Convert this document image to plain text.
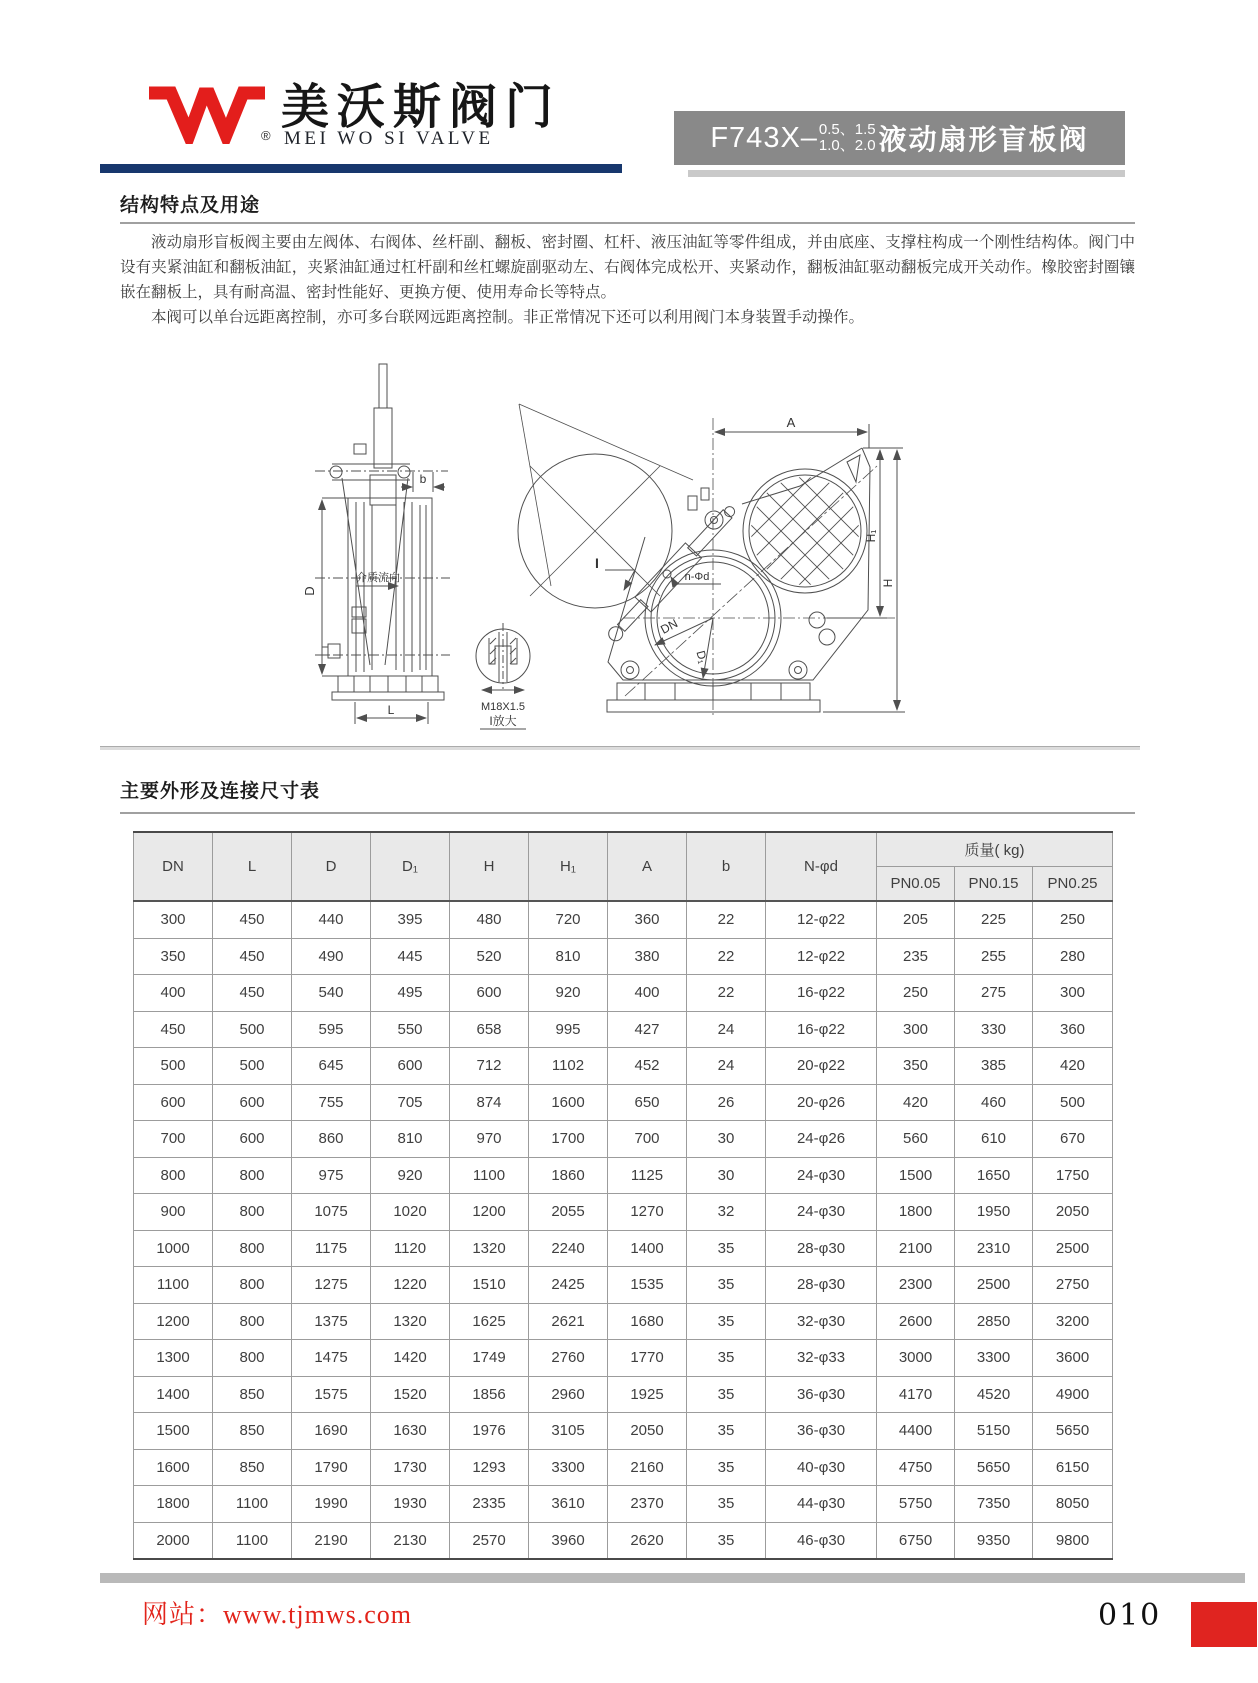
®
美沃斯阀门
MEI WO SI VALVE	F743X– 0.5、1.5
1.0、2.0 液动扇形盲板阀
结构特点及用途

液动扇形盲板阀主要由左阀体、右阀体、丝杆副、翻板、密封圈、杠杆、液压油缸等零件组成，并由底座、支撑柱构成一个刚性结构体。阀门中设有夹紧油缸和翻板油缸，夹紧油缸通过杠杆副和丝杠螺旋副驱动左、右阀体完成松开、夹紧动作，翻板油缸驱动翻板完成开关动作。橡胶密封圈镶嵌在翻板上，具有耐高温、密封性能好、更换方便、使用寿命长等特点。

本阀可以单台远距离控制，亦可多台联网远距离控制。非正常情况下还可以利用阀门本身装置手动操作。

D
b
L
介质流向
M18X1.5
I放大
A
H₁
H
DN
D₁
n-Φd
I
主要外形及连接尺寸表
DN	L	D	D₁	H	H₁	A	b	N-φd	质量( kg)		
									PN0.05	PN0.15	PN0.25
300	450	440	395	480	720	360	22	12-φ22	205	225	250
350	450	490	445	520	810	380	22	12-φ22	235	255	280
400	450	540	495	600	920	400	22	16-φ22	250	275	300
450	500	595	550	658	995	427	24	16-φ22	300	330	360
500	500	645	600	712	1102	452	24	20-φ22	350	385	420
600	600	755	705	874	1600	650	26	20-φ26	420	460	500
700	600	860	810	970	1700	700	30	24-φ26	560	610	670
800	800	975	920	1100	1860	1125	30	24-φ30	1500	1650	1750
900	800	1075	1020	1200	2055	1270	32	24-φ30	1800	1950	2050
1000	800	1175	1120	1320	2240	1400	35	28-φ30	2100	2310	2500
1100	800	1275	1220	1510	2425	1535	35	28-φ30	2300	2500	2750
1200	800	1375	1320	1625	2621	1680	35	32-φ30	2600	2850	3200
1300	800	1475	1420	1749	2760	1770	35	32-φ33	3000	3300	3600
1400	850	1575	1520	1856	2960	1925	35	36-φ30	4170	4520	4900
1500	850	1690	1630	1976	3105	2050	35	36-φ30	4400	5150	5650
1600	850	1790	1730	1293	3300	2160	35	40-φ30	4750	5650	6150
1800	1100	1990	1930	2335	3610	2370	35	44-φ30	5750	7350	8050
2000	1100	2190	2130	2570	3960	2620	35	46-φ30	6750	9350	9800
网站：www.tjmws.com	010
